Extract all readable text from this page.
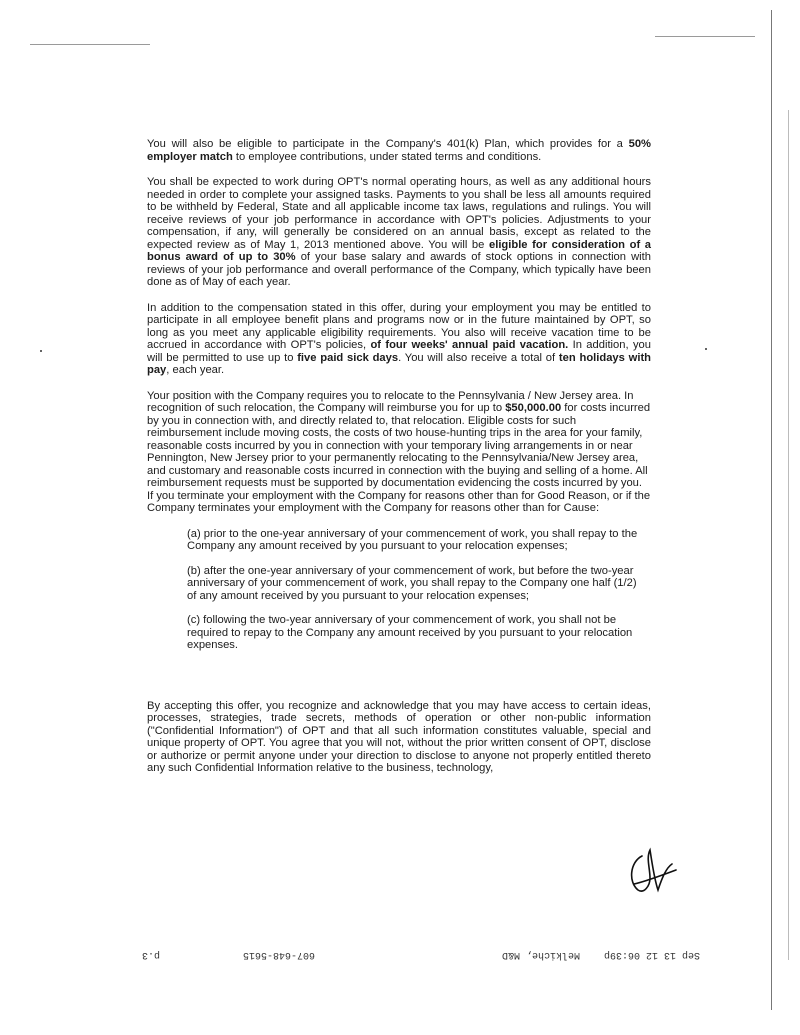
You will also be eligible to participate in the Company's 401(k) Plan, which provides for a 50% employer match to employee contributions, under stated terms and conditions.

You shall be expected to work during OPT's normal operating hours, as well as any additional hours needed in order to complete your assigned tasks. Payments to you shall be less all amounts required to be withheld by Federal, State and all applicable income tax laws, regulations and rulings. You will receive reviews of your job performance in accordance with OPT's policies. Adjustments to your compensation, if any, will generally be considered on an annual basis, except as related to the expected review as of May 1, 2013 mentioned above. You will be eligible for consideration of a bonus award of up to 30% of your base salary and awards of stock options in connection with reviews of your job performance and overall performance of the Company, which typically have been done as of May of each year.

In addition to the compensation stated in this offer, during your employment you may be entitled to participate in all employee benefit plans and programs now or in the future maintained by OPT, so long as you meet any applicable eligibility requirements. You also will receive vacation time to be accrued in accordance with OPT's policies, of four weeks' annual paid vacation. In addition, you will be permitted to use up to five paid sick days. You will also receive a total of ten holidays with pay, each year.

Your position with the Company requires you to relocate to the Pennsylvania / New Jersey area. In recognition of such relocation, the Company will reimburse you for up to $50,000.00 for costs incurred by you in connection with, and directly related to, that relocation. Eligible costs for such reimbursement include moving costs, the costs of two house-hunting trips in the area for your family, reasonable costs incurred by you in connection with your temporary living arrangements in or near Pennington, New Jersey prior to your permanently relocating to the Pennsylvania/New Jersey area, and customary and reasonable costs incurred in connection with the buying and selling of a home. All reimbursement requests must be supported by documentation evidencing the costs incurred by you. If you terminate your employment with the Company for reasons other than for Good Reason, or if the Company terminates your employment with the Company for reasons other than for Cause:

(a) prior to the one-year anniversary of your commencement of work, you shall repay to the Company any amount received by you pursuant to your relocation expenses;

(b) after the one-year anniversary of your commencement of work, but before the two-year anniversary of your commencement of work, you shall repay to the Company one half (1/2) of any amount received by you pursuant to your relocation expenses;

(c) following the two-year anniversary of your commencement of work, you shall not be required to repay to the Company any amount received by you pursuant to your relocation expenses.

By accepting this offer, you recognize and acknowledge that you may have access to certain ideas, processes, strategies, trade secrets, methods of operation or other non-public information ("Confidential Information") of OPT and that all such information constitutes valuable, special and unique property of OPT. You agree that you will not, without the prior written consent of OPT, disclose or authorize or permit anyone under your direction to disclose to anyone not properly entitled thereto any such Confidential Information relative to the business, technology,

Sep 13 12 06:39p
Melkiche, M&D
607-648-5615
p.3
